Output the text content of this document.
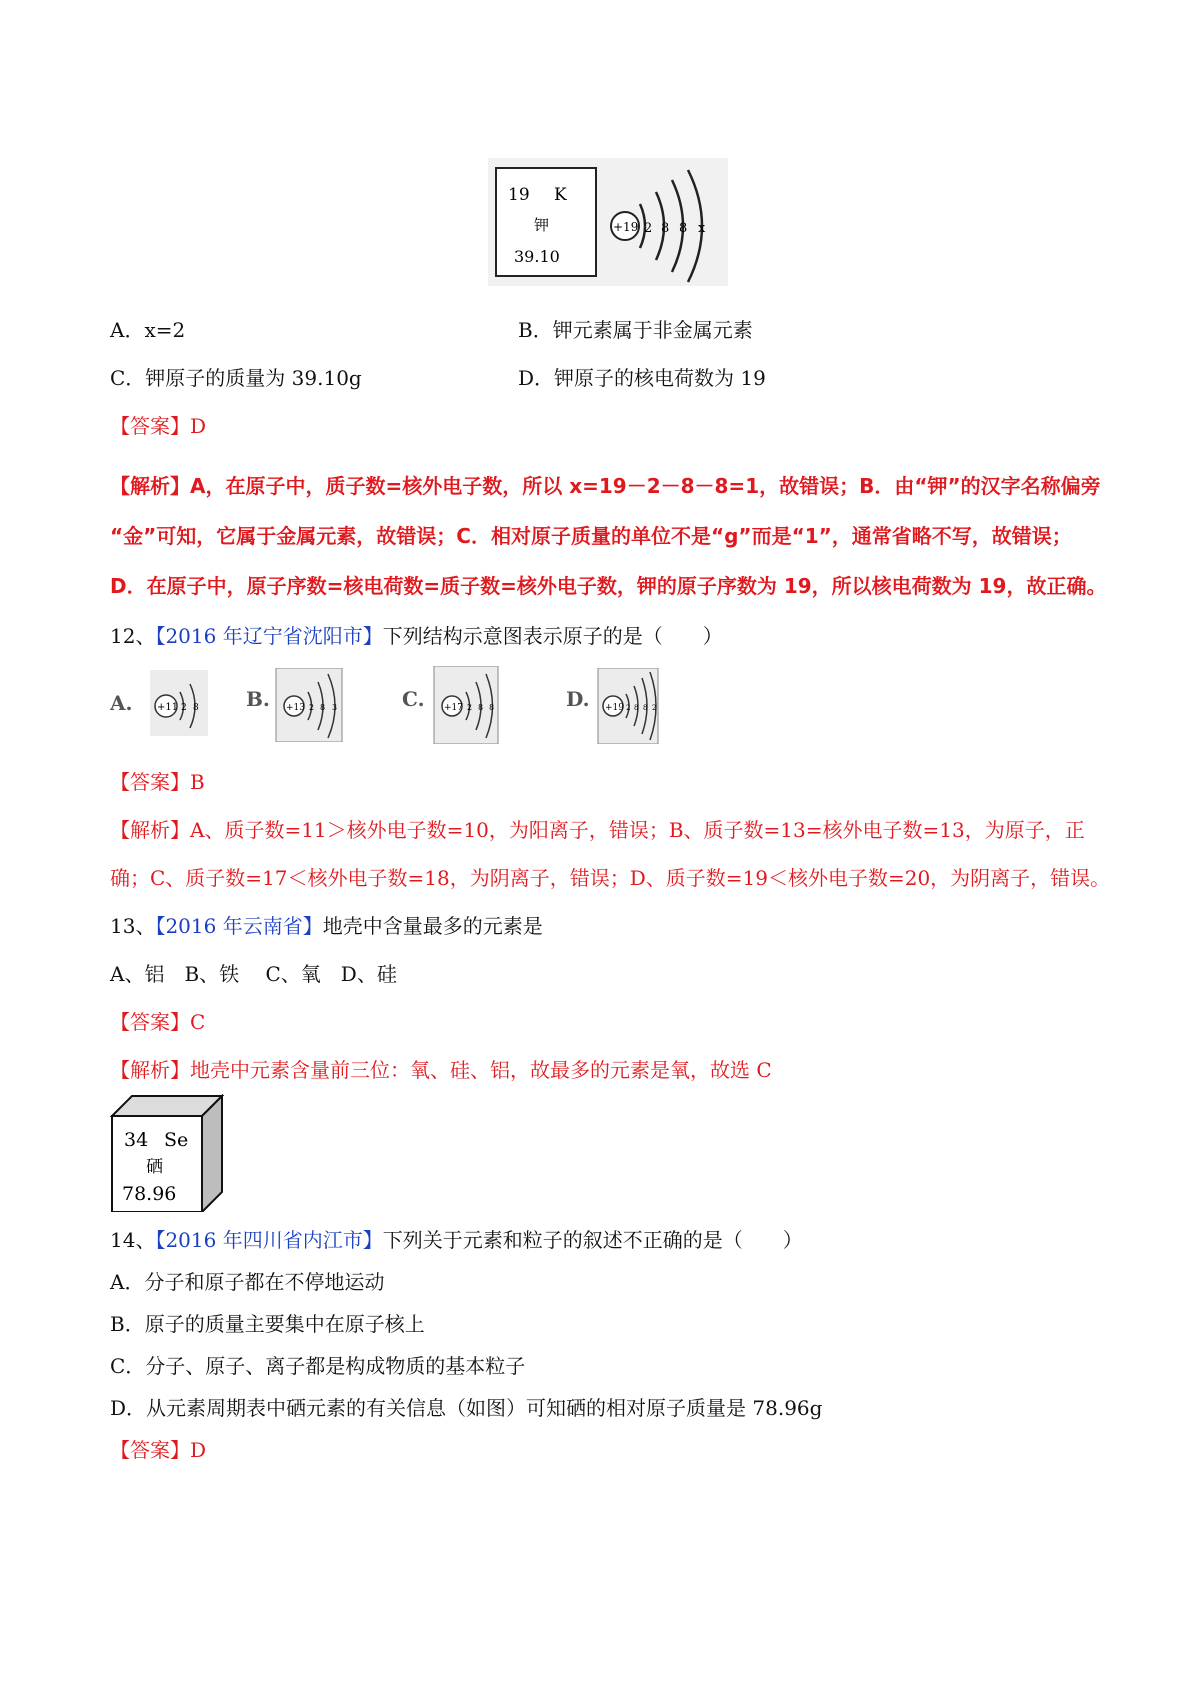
19 K
钾
39.10
+19 2 8 8 x
A．x=2	B．钾元素属于非金属元素
C．钾原子的质量为 39.10g	D．钾原子的核电荷数为 19
【答案】D
【解析】A，在原子中，质子数=核外电子数，所以 x=19－2－8－8=1，故错误；B．由“钾”的汉字名称偏旁
“金”可知，它属于金属元素，故错误；C．相对原子质量的单位不是“g”而是“1”，通常省略不写，故错误；
D．在原子中，原子序数=核电荷数=质子数=核外电子数，钾的原子序数为 19，所以核电荷数为 19，故正确。
12、【2016 年辽宁省沈阳市】下列结构示意图表示原子的是（　　）
A. +11 2 8 B. +13 2 8 3	C. +17 2 8 8	D. +19 2 8 8 2
【答案】B
【解析】A、质子数=11＞核外电子数=10，为阳离子，错误；B、质子数=13=核外电子数=13，为原子，正
确；C、质子数=17＜核外电子数=18，为阴离子，错误；D、质子数=19＜核外电子数=20，为阴离子，错误。
13、【2016 年云南省】地壳中含量最多的元素是
A、铝　B、铁　 C、氧　D、硅
【答案】C
【解析】地壳中元素含量前三位：氧、硅、铝，故最多的元素是氧，故选 C
34 Se
硒
78.96
14、【2016 年四川省内江市】下列关于元素和粒子的叙述不正确的是（　　）
A．分子和原子都在不停地运动
B．原子的质量主要集中在原子核上
C．分子、原子、离子都是构成物质的基本粒子
D．从元素周期表中硒元素的有关信息（如图）可知硒的相对原子质量是 78.96g
【答案】D
